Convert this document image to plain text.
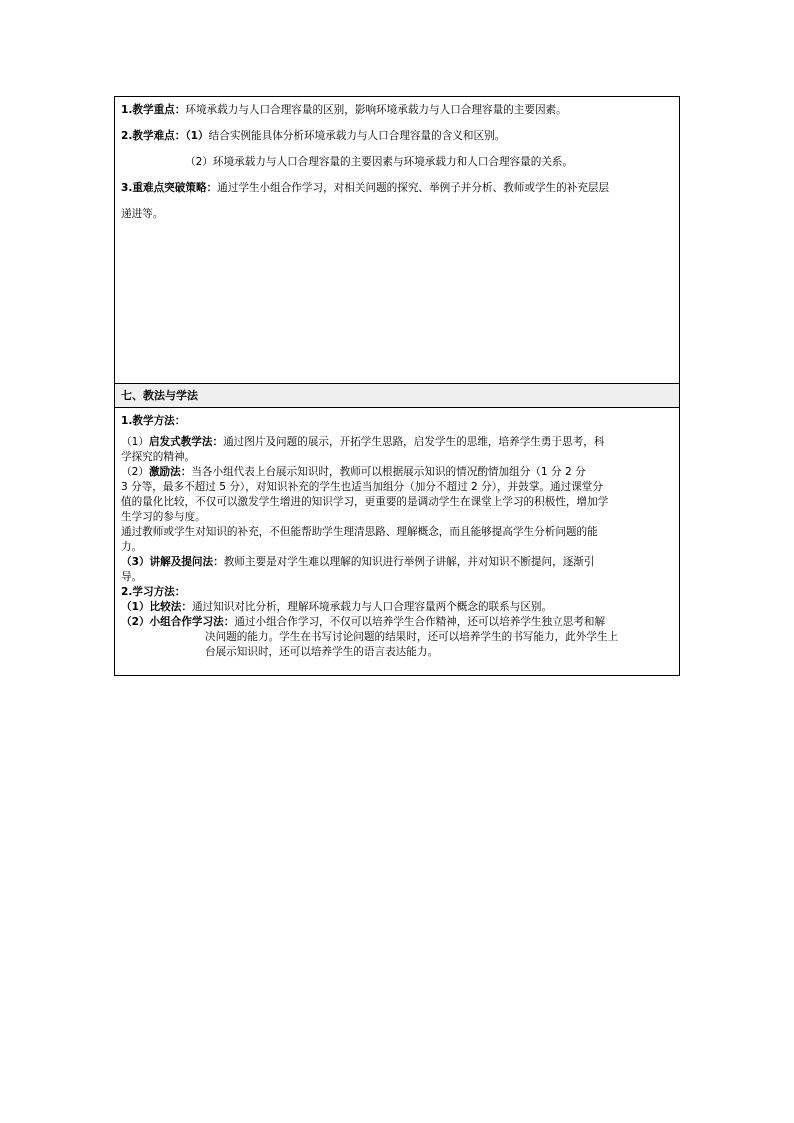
1.教学重点：环境承载力与人口合理容量的区别，影响环境承载力与人口合理容量的主要因素。
2.教学难点：（1）结合实例能具体分析环境承载力与人口合理容量的含义和区别。
（2）环境承载力与人口合理容量的主要因素与环境承载力和人口合理容量的关系。
3.重难点突破策略：通过学生小组合作学习，对相关问题的探究、举例子并分析、教师或学生的补充层层
递进等。
七、教法与学法
1.教学方法：
（1）启发式教学法：通过图片及问题的展示，开拓学生思路，启发学生的思维，培养学生勇于思考，科
学探究的精神。
（2）激励法：当各小组代表上台展示知识时，教师可以根据展示知识的情况酌情加组分（1 分 2 分
3 分等，最多不超过 5 分），对知识补充的学生也适当加组分（加分不超过 2 分），并鼓掌。通过课堂分
值的量化比较，不仅可以激发学生增进的知识学习，更重要的是调动学生在课堂上学习的积极性，增加学
生学习的参与度。
通过教师或学生对知识的补充，不但能帮助学生理清思路、理解概念，而且能够提高学生分析问题的能
力。
（3）讲解及提问法：教师主要是对学生难以理解的知识进行举例子讲解，并对知识不断提问，逐渐引
导。
2.学习方法：
（1）比较法：通过知识对比分析，理解环境承载力与人口合理容量两个概念的联系与区别。
（2）小组合作学习法：通过小组合作学习，不仅可以培养学生合作精神，还可以培养学生独立思考和解
决问题的能力。学生在书写讨论问题的结果时，还可以培养学生的书写能力，此外学生上
台展示知识时，还可以培养学生的语言表达能力。
